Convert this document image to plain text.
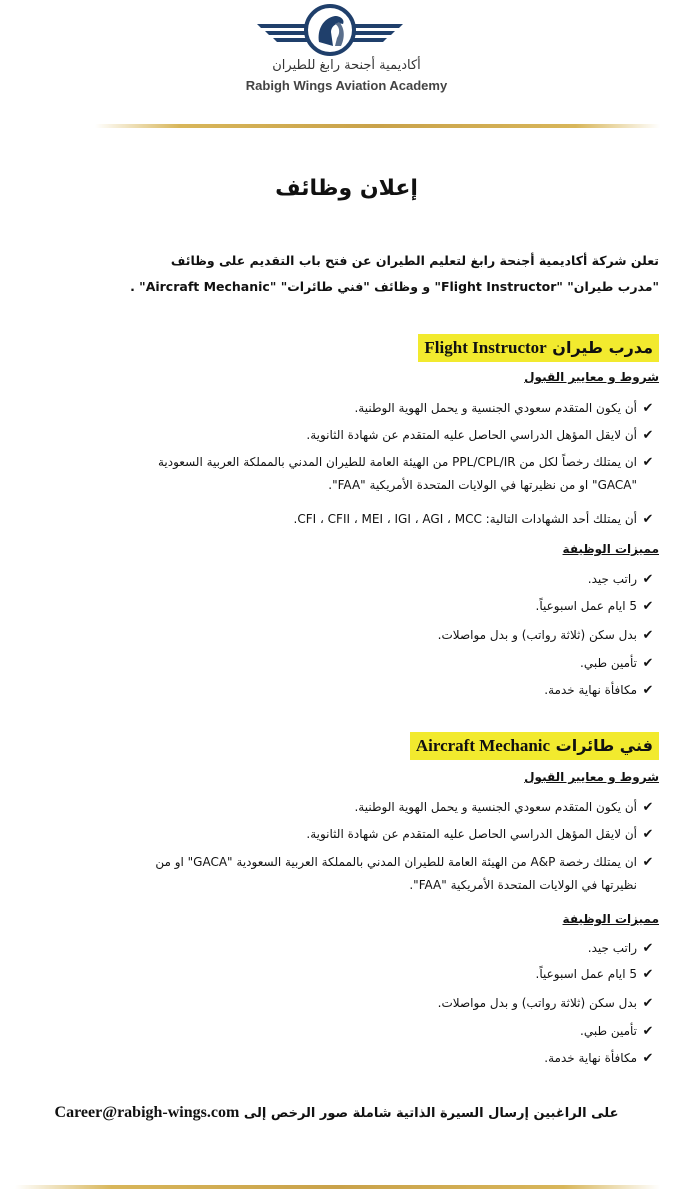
أكاديمية أجنحة رابغ للطيران
Rabigh Wings Aviation Academy
إعلان وظائف

تعلن شركة أكاديمية أجنحة رابغ لتعليم الطيران عن فتح باب التقديم على وظائف

"مدرب طيران" "Flight Instructor" و وظائف "فني طائرات" "Aircraft Mechanic" .

مدرب طيران Flight Instructor
شروط و معايير القبول
✔أن يكون المتقدم سعودي الجنسية و يحمل الهوية الوطنية.
✔أن لايقل المؤهل الدراسي الحاصل عليه المتقدم عن شهادة الثانوية.
✔ان يمتلك رخصاً لكل من PPL/CPL/IR من الهيئة العامة للطيران المدني بالمملكة العربية السعودية
"GACA" او من نظيرتها في الولايات المتحدة الأمريكية "FAA".
✔أن يمتلك أحد الشهادات التالية: CFI ، CFII ، MEI ، IGI ، AGI ، MCC.
مميزات الوظيفة
✔راتب جيد.
✔5 ايام عمل اسبوعياً.
✔بدل سكن (ثلاثة رواتب) و بدل مواصلات.
✔تأمين طبي.
✔مكافأة نهاية خدمة.
فني طائرات Aircraft Mechanic
شروط و معايير القبول
✔أن يكون المتقدم سعودي الجنسية و يحمل الهوية الوطنية.
✔أن لايقل المؤهل الدراسي الحاصل عليه المتقدم عن شهادة الثانوية.
✔ان يمتلك رخصة A&P من الهيئة العامة للطيران المدني بالمملكة العربية السعودية "GACA" او من
نظيرتها في الولايات المتحدة الأمريكية "FAA".
مميزات الوظيفة
✔راتب جيد.
✔5 ايام عمل اسبوعياً.
✔بدل سكن (ثلاثة رواتب) و بدل مواصلات.
✔تأمين طبي.
✔مكافأة نهاية خدمة.
على الراغبين إرسال السيرة الذاتية شاملة صور الرخص إلى Career@rabigh-wings.com
